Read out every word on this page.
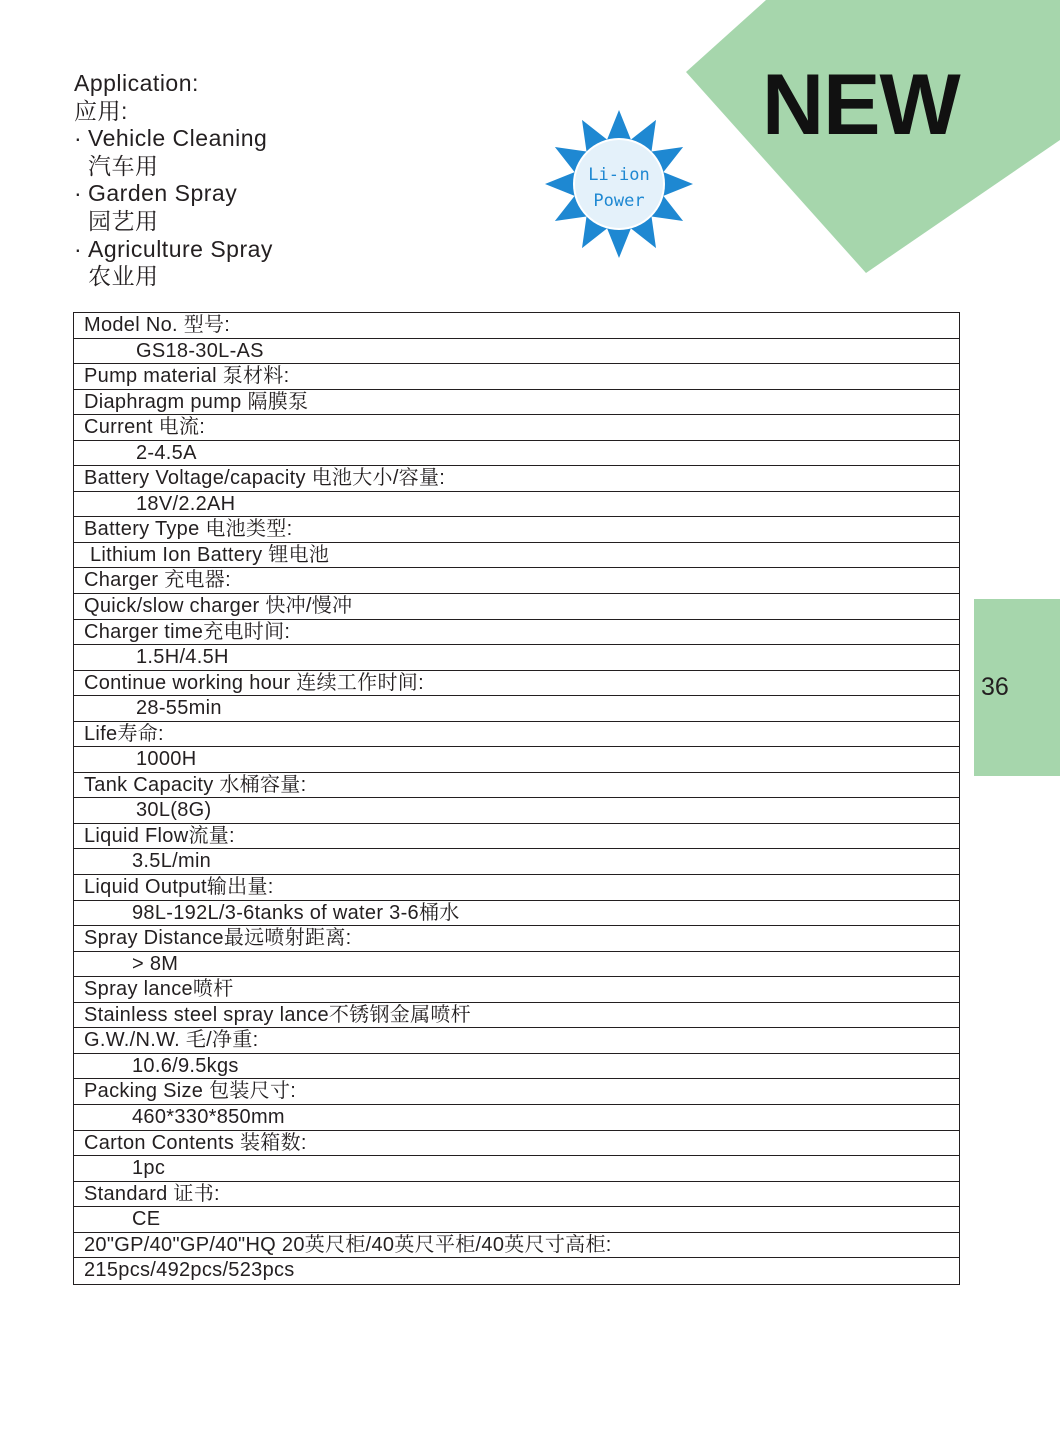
NEW
Li-ion
Power
Application:
应用:
· Vehicle Cleaning
汽车用
· Garden Spray
园艺用
· Agriculture Spray
农业用
Model No. 型号:
GS18-30L-AS
Pump material 泵材料:
Diaphragm pump 隔膜泵
Current 电流:
2-4.5A
Battery Voltage/capacity 电池大小/容量:
18V/2.2AH
Battery Type 电池类型:
Lithium Ion Battery 锂电池
Charger 充电器:
Quick/slow charger 快冲/慢冲
Charger time充电时间:
1.5H/4.5H
Continue working hour 连续工作时间:
28-55min
Life寿命:
1000H
Tank Capacity 水桶容量:
30L(8G)
Liquid Flow流量:
3.5L/min
Liquid Output输出量:
98L-192L/3-6tanks of water 3-6桶水
Spray Distance最远喷射距离:
> 8M
Spray lance喷杆
Stainless steel spray lance不锈钢金属喷杆
G.W./N.W. 毛/净重:
10.6/9.5kgs
Packing Size 包装尺寸:
460*330*850mm
Carton Contents 装箱数:
1pc
Standard 证书:
CE
20"GP/40"GP/40"HQ 20英尺柜/40英尺平柜/40英尺寸高柜:
215pcs/492pcs/523pcs
36
